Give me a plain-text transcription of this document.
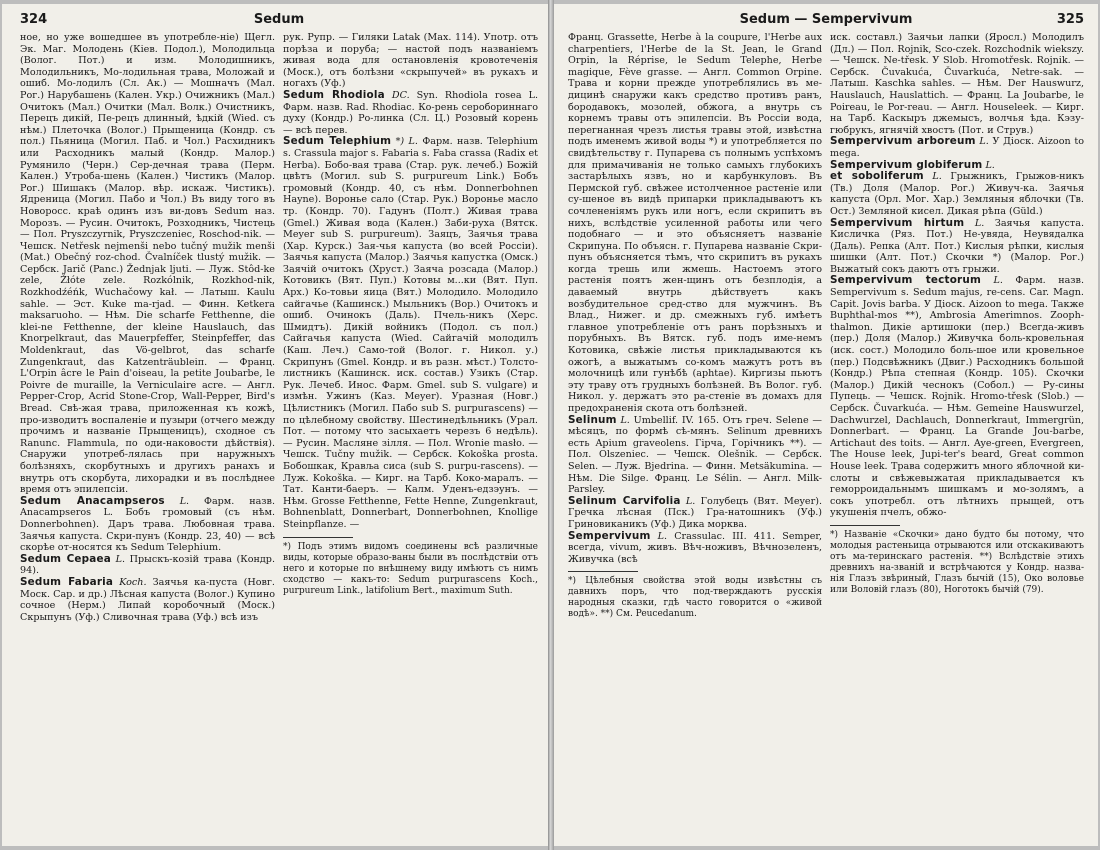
324	Sedum

ное, но уже вошедшее въ употребле-ніе) Щегл. Эк. Маг. Молодень (Кіев. Подол.), Молодильца (Волог. Пот.) и изм. Молодишникъ, Молодильникъ, Мо-лодильная трава, Моложай и ошиб. Мо-лодилъ (Сл. Ак.) — Мошначъ (Мал. Рог.) Нарубашень (Кален. Укр.) Очижникъ (Мал.) Очитокъ (Мал.) Очитки (Мал. Волк.) Очистникъ, Перецъ дикій, Пе-рецъ длинный, ѣдкій (Wied. съ нѣм.) Плеточка (Волог.) Прыщеница (Кондр. съ пол.) Пьяница (Могил. Паб. и Чол.) Расхидникъ или Расходникъ малый (Кондр. Малор.) Румянило (Черн.) Сер-дечная трава (Перм. Кален.) Утроба-шень (Кален.) Чистикъ (Малор. Рог.) Шишакъ (Малор. вѣр. искаж. Чистикъ). Ядреница (Могил. Пабо и Чол.) Въ виду того въ Новоросс. краѣ одинъ изъ ви-довъ Sedum наз. Морозъ. — Русин. Очитокъ, Розходникъ, Чистець — Пол. Pryszczyrnik, Pryszczeniec, Roschod-nik. — Чешск. Netřesk nejmenši nebo tučný mužik menši (Mat.) Obečný roz-chod. Čvalníček tlustý mužik. — Сербск. Jarič (Panc.) Žednjak ljuti. — Луж. Stôd-ke zele, Žłóte zele. Rozkólnik, Rozkhod-nik, Rozkhodźéńk, Wuchačowy kał. — Латыш. Kaulu sahle. — Эст. Kuke ma-rjad. — Финн. Ketkera maksaruoho. — Нѣм. Die scharfe Fetthenne, die klei-ne Fetthenne, der kleine Hauslauch, das Knorpelkraut, das Mauerpfeffer, Steinpfeffer, das Moldenkraut, das Vö-gelbrot, das scharfe Zungenkraut, das Katzenträubleiп. — Франц. L'Orpin âcre le Pain d'oiseau, la petite Joubarbe, le Poivre de muraille, la Verniculaire acre. — Англ. Pepper-Crop, Acrid Stone-Crop, Wall-Pepper, Bird's Bread. Свѣ-жая трава, приложенная къ кожѣ, про-изводитъ воспаленіе и пузыри (отчего между прочимъ и названіе Прыщеницъ), сходное съ Ranunc. Flammula, по оди-наковости дѣйствія). Снаружи употреб-лялась при наружныхъ болѣзняхъ, скорбутныхъ и другихъ ранахъ и внутрь отъ скорбута, лихорадки и въ послѣднее время отъ эпилепсіи.

Sedum Anacampseros L. Фарм. назв. Anacampseros L. Бобъ громовый (съ нѣм. Donnerbohnen). Даръ трава. Любовная трава. Заячья капуста. Скри-пунъ (Кондр. 23, 40) — всѣ скорѣе от-носятся къ Sedum Telephium.

Sedum Cepaea L. Прыскъ-козій трава (Кондр. 94).

Sedum Fabaria Koch. Заячья ка-пуста (Новг. Моск. Сар. и др.) Лѣсная капуста (Волог.) Купино сочное (Нерм.) Липай коробочный (Моск.) Скрыпунъ (Уф.) Сливочная трава (Уф.) всѣ изъ

рук. Рупр. — Гиляки Latak (Max. 114). Употр. отъ порѣза и поруба; — настой подъ названіемъ живая вода для остановленія кровотеченія (Моск.), отъ болѣзни «скрыпучей» въ рукахъ и ногахъ (Уф.)

Sedum Rhodiola DC. Syn. Rhodiola rosea L. Фарм. назв. Rad. Rhodiac. Ко-рень серобориннаго духу (Кондр.) Ро-линка (Сл. Ц.) Розовый корень — всѣ перев.

Sedum Telephium *) L. Фарм. назв. Telephium s. Crassula major s. Fabaria s. Faba crassa (Radix et Herba). Бобо-вая трава (Стар. рук. лечеб.) Божій цвѣтъ (Могил. sub S. purpureum Link.) Бобъ громовый (Кондр. 40, съ нѣм. Donnerbohnen Hayne). Вороньe сало (Стар. Рук.) Воронье масло тр. (Кондр. 70). Гадунъ (Полт.) Живая трава (Gmel.) Живая вода (Кален.) Заби-руха (Вятск. Meyer sub S. purpureum). Заяцъ, Заячья трава (Хар. Курск.) Зая-чья капуста (во всей Россіи). Заячья капуста (Малор.) Заячья капустка (Омск.) Заячій очитокъ (Хруст.) Заяча розсада (Малор.) Котовикъ (Вят. Пуп.) Котовы м...ки (Вят. Пуп. Арх.) Ко-товьи яица (Вят.) Молодило. Молодило сайгачье (Кашинск.) Мыльникъ (Вор.) Очитокъ и ошиб. Очинокъ (Даль). Пчель-никъ (Херс. Шмидтъ). Дикій войникъ (Подол. съ пол.) Сайгачья капуста (Wied. Сайгачій молодилъ (Каш. Леч.) Само-той (Волог. г. Никол. у.) Скрипунъ (Gmel. Кондр. и въ разн. мѣст.) Толсто-листникъ (Кашинск. иск. состав.) Узикъ (Стар. Рук. Лечеб. Инос. Фарм. Gmel. sub S. vulgare) и измѣн. Ужинъ (Каз. Meyer). Уразная (Новг.) Цѣлистникъ (Могил. Пабо sub S. purpurascens) — по цѣлебному свойству. Шестинедѣльникъ (Урал. Пот. — потому что засыхаетъ черезъ 6 недѣль). — Русин. Масляне зілля. — Пол. Wronie masło. — Чешск. Tučny mužik. — Сербск. Kokoška prosta. Бобошкак, Кравља сиса (sub S. purpu-rascens). — Луж. Kokoška. — Кирг. на Тарб. Коко-маралъ. — Тат. Канти-баеръ. — Калм. Уденъ-едзэунъ. — Нѣм. Grosse Fetthenne, Fette Henne, Zungenkraut, Bohnenblatt, Donnerbart, Donnerbohnen, Knollige Steinpflanze. —

*) Подъ этимъ видомъ соединены всѣ различные виды, которые образо-ваны были въ послѣдствіи отъ него и которые по внѣшнему виду имѣютъ съ нимъ сходство — какъ-то: Sedum purpurascens Koch., purpureum Link., latifolium Bert., maximum Suth.

Sedum — Sempervivum	325

Франц. Grassette, Herbe à la coupure, l'Herbe aux charpentiers, l'Herbe de la St. Jean, le Grand Orpin, la Réprise, le Sedum Telephe, Herbe magique, Fève grasse. — Англ. Common Orpine. Трава и корни прежде употреблялись въ ме-дицинѣ снаружи какъ средство противъ ранъ, бородавокъ, мозолей, обжога, а внутрь съ корнемъ травы отъ эпилепсіи. Въ Россіи вода, перегнанная чрезъ листья травы этой, извѣстна подъ именемъ живой воды *) и употребляется по свидѣтельству г. Пупарева съ полнымъ успѣхомъ для примачиванія не только самыхъ глубокихъ застарѣлыхъ язвъ, но и карбункуловъ. Въ Пермской губ. свѣжее истолченное растеніе или су-шеное въ видѣ припарки прикладываютъ къ сочлененіямъ рукъ или ногъ, если скрипитъ въ нихъ, вслѣдствіе усиленной работы или чего подобнаго — и это объясняетъ названіе Скрипуна. По объясн. г. Пупарева названіе Скри-пунъ объясняется тѣмъ, что скрипитъ въ рукахъ когда трешь или жмешь. Настоемъ этого растенія поятъ жен-щинъ отъ безплодія, а даваемый внутрь дѣйствуетъ какъ возбудительное сред-ство для мужчинъ. Въ Влад., Нижег. и др. смежныхъ губ. имѣетъ главное употребленіе отъ ранъ порѣзныхъ и порубныхъ. Въ Вятск. губ. подъ име-немъ Котовика, свѣжіе листья прикладываются къ ожогѣ, а выжатымъ со-комъ мажутъ ротъ въ молочницѣ или гунѣбѣ (aphtae). Киргизы пьютъ эту траву отъ грудныхъ болѣзней. Въ Волог. губ. Никол. у. держатъ это ра-стеніе въ домахъ для предохраненія скота отъ болѣзней.

Selinum L. Umbellif. IV. 165. Отъ греч. Selene — мѣсяцъ, по формѣ сѣ-мянъ. Selinum древнихъ есть Apium graveolens. Гірча, Горічникъ **). — Пол. Olszeniec. — Чешск. Olešnik. — Сербск. Selen. — Луж. Bjedrina. — Финн. Metsäkumina. — Нѣм. Die Silge. Франц. Le Sélin. — Англ. Milk-Parsley.

Selinum Carvifolia L. Голубецъ (Вят. Meyer). Гречка лѣсная (Пск.) Гра-натошникъ (Уф.) Гриновиканикъ (Уф.) Дика морква.

Sempervivum L. Crassulac. III. 411. Semper, всегда, vivum, живъ. Вѣч-ноживъ, Вѣчнозеленъ, Живучка (всѣ

*) Цѣлебныя свойства этой воды извѣстны съ давнихъ поръ, что под-тверждаютъ русскія народныя сказки, гдѣ часто говорится о «живой водѣ». **) См. Peucedanum.

иск. составл.) Заячьи лапки (Яросл.) Молодилъ (Дл.) — Пол. Rojnik, Sco-czek. Rozchodnik wiekszy. — Чешск. Ne-třesk. У Slob. Hromotřesk. Rojnik. — Сербск. Čuvakuća, Čuvarkuća, Netre-sak. — Латыш. Kaschka sahles. — Нѣм. Der Hauswurz, Hauslauch, Hauslattich. — Франц. La Joubarbe, le Poireau, le Por-reau. — Англ. Houseleek. — Кирг. на Тарб. Каскыръ джемысъ, волчья ѣда. Кэзу-гюбрукъ, ягнячій хвостъ (Пот. и Струв.)

Sempervivum arboreum L. У Діоск. Aizoon to mega.

Sempervivum globiferum L.

et soboliferum L. Грыжникъ, Грыжов-никъ (Тв.) Доля (Малор. Рог.) Живуч-ка. Заячья капуста (Орл. Мог. Хар.) Земляныя яблочки (Тв. Ост.) Земляной кисел. Дикая рѣпа (Güld.)

Sempervivum hirtum L. Заячья капуста. Кисличка (Ряз. Пот.) Не-увяда, Неувядалка (Даль). Репка (Алт. Пот.) Кислыя рѣпки, кислыя шишки (Алт. Пот.) Скочки *) (Малор. Рог.) Выжатый сокъ даютъ отъ грыжи.

Sempervivum tectorum L. Фарм. назв. Sempervivum s. Sedum majus, re-cens. Car. Magn. Capit. Jovis barba. У Діоск. Aizoon to mega. Также Buphthal-mos **), Ambrosia Amerimnos. Zooph-thalmon. Дикіе артишоки (пер.) Всегда-живъ (пер.) Доля (Малор.) Живучка боль-кровельная (иск. сост.) Молодило боль-шое или кровельное (пер.) Подсвѣжникъ (Двиг.) Расходникъ большой (Кондр.) Рѣпа степная (Кондр. 105). Скочки (Малор.) Дикій чеснокъ (Собол.) — Ру-сины Пупець. — Чешск. Rojnik. Hromo-třesk (Slob.) — Сербск. Čuvarkuća. — Нѣм. Gemeine Hauswurzel, Dachwurzel, Dachlauch, Donnerkraut, Immergrün, Donnerbart. — Франц. La Grande Jou-barbe, Artichaut des toits. — Англ. Aye-green, Evergreen, The House leek, Jupi-ter's beard, Great common House leek. Трава содержитъ много яблочной ки-слоты и свѣжевыжатая прикладывается къ геморроидальнымъ шишкамъ и мо-золямъ, а сокъ употребл. отъ лѣтнихъ прыщей, отъ укушенія пчелъ, обжо-

*) Названіе «Скочки» дано будто бы потому, что молодыя растеньица отрываются или отскакиваютъ отъ ма-теринскаго растенія. **) Вслѣдствіе этихъ древнихъ на-званій и встрѣчаются у Кондр. назва-нія Глазъ звѣриный, Глазъ бычій (15), Око воловье или Воловій глазъ (80), Ноготокъ бычій (79).
